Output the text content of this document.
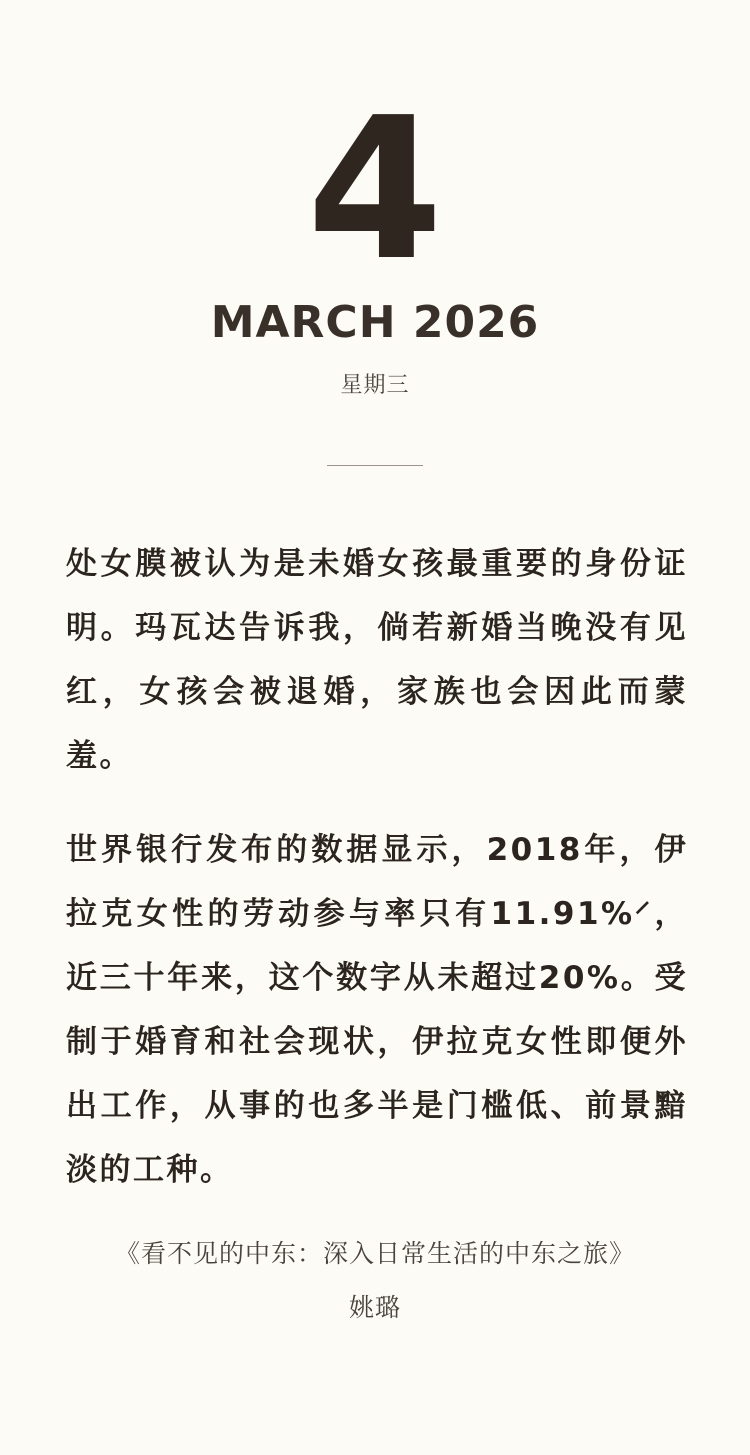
4
MARCH 2026
星期三

处女膜被认为是未婚女孩最重要的身份证明。玛瓦达告诉我，倘若新婚当晚没有见红，女孩会被退婚，家族也会因此而蒙羞。

世界银行发布的数据显示，2018年，伊拉克女性的劳动参与率只有11.91%⸍，近三十年来，这个数字从未超过20%。受制于婚育和社会现状，伊拉克女性即便外出工作，从事的也多半是门槛低、前景黯淡的工种。

《看不见的中东：深入日常生活的中东之旅》
姚璐
